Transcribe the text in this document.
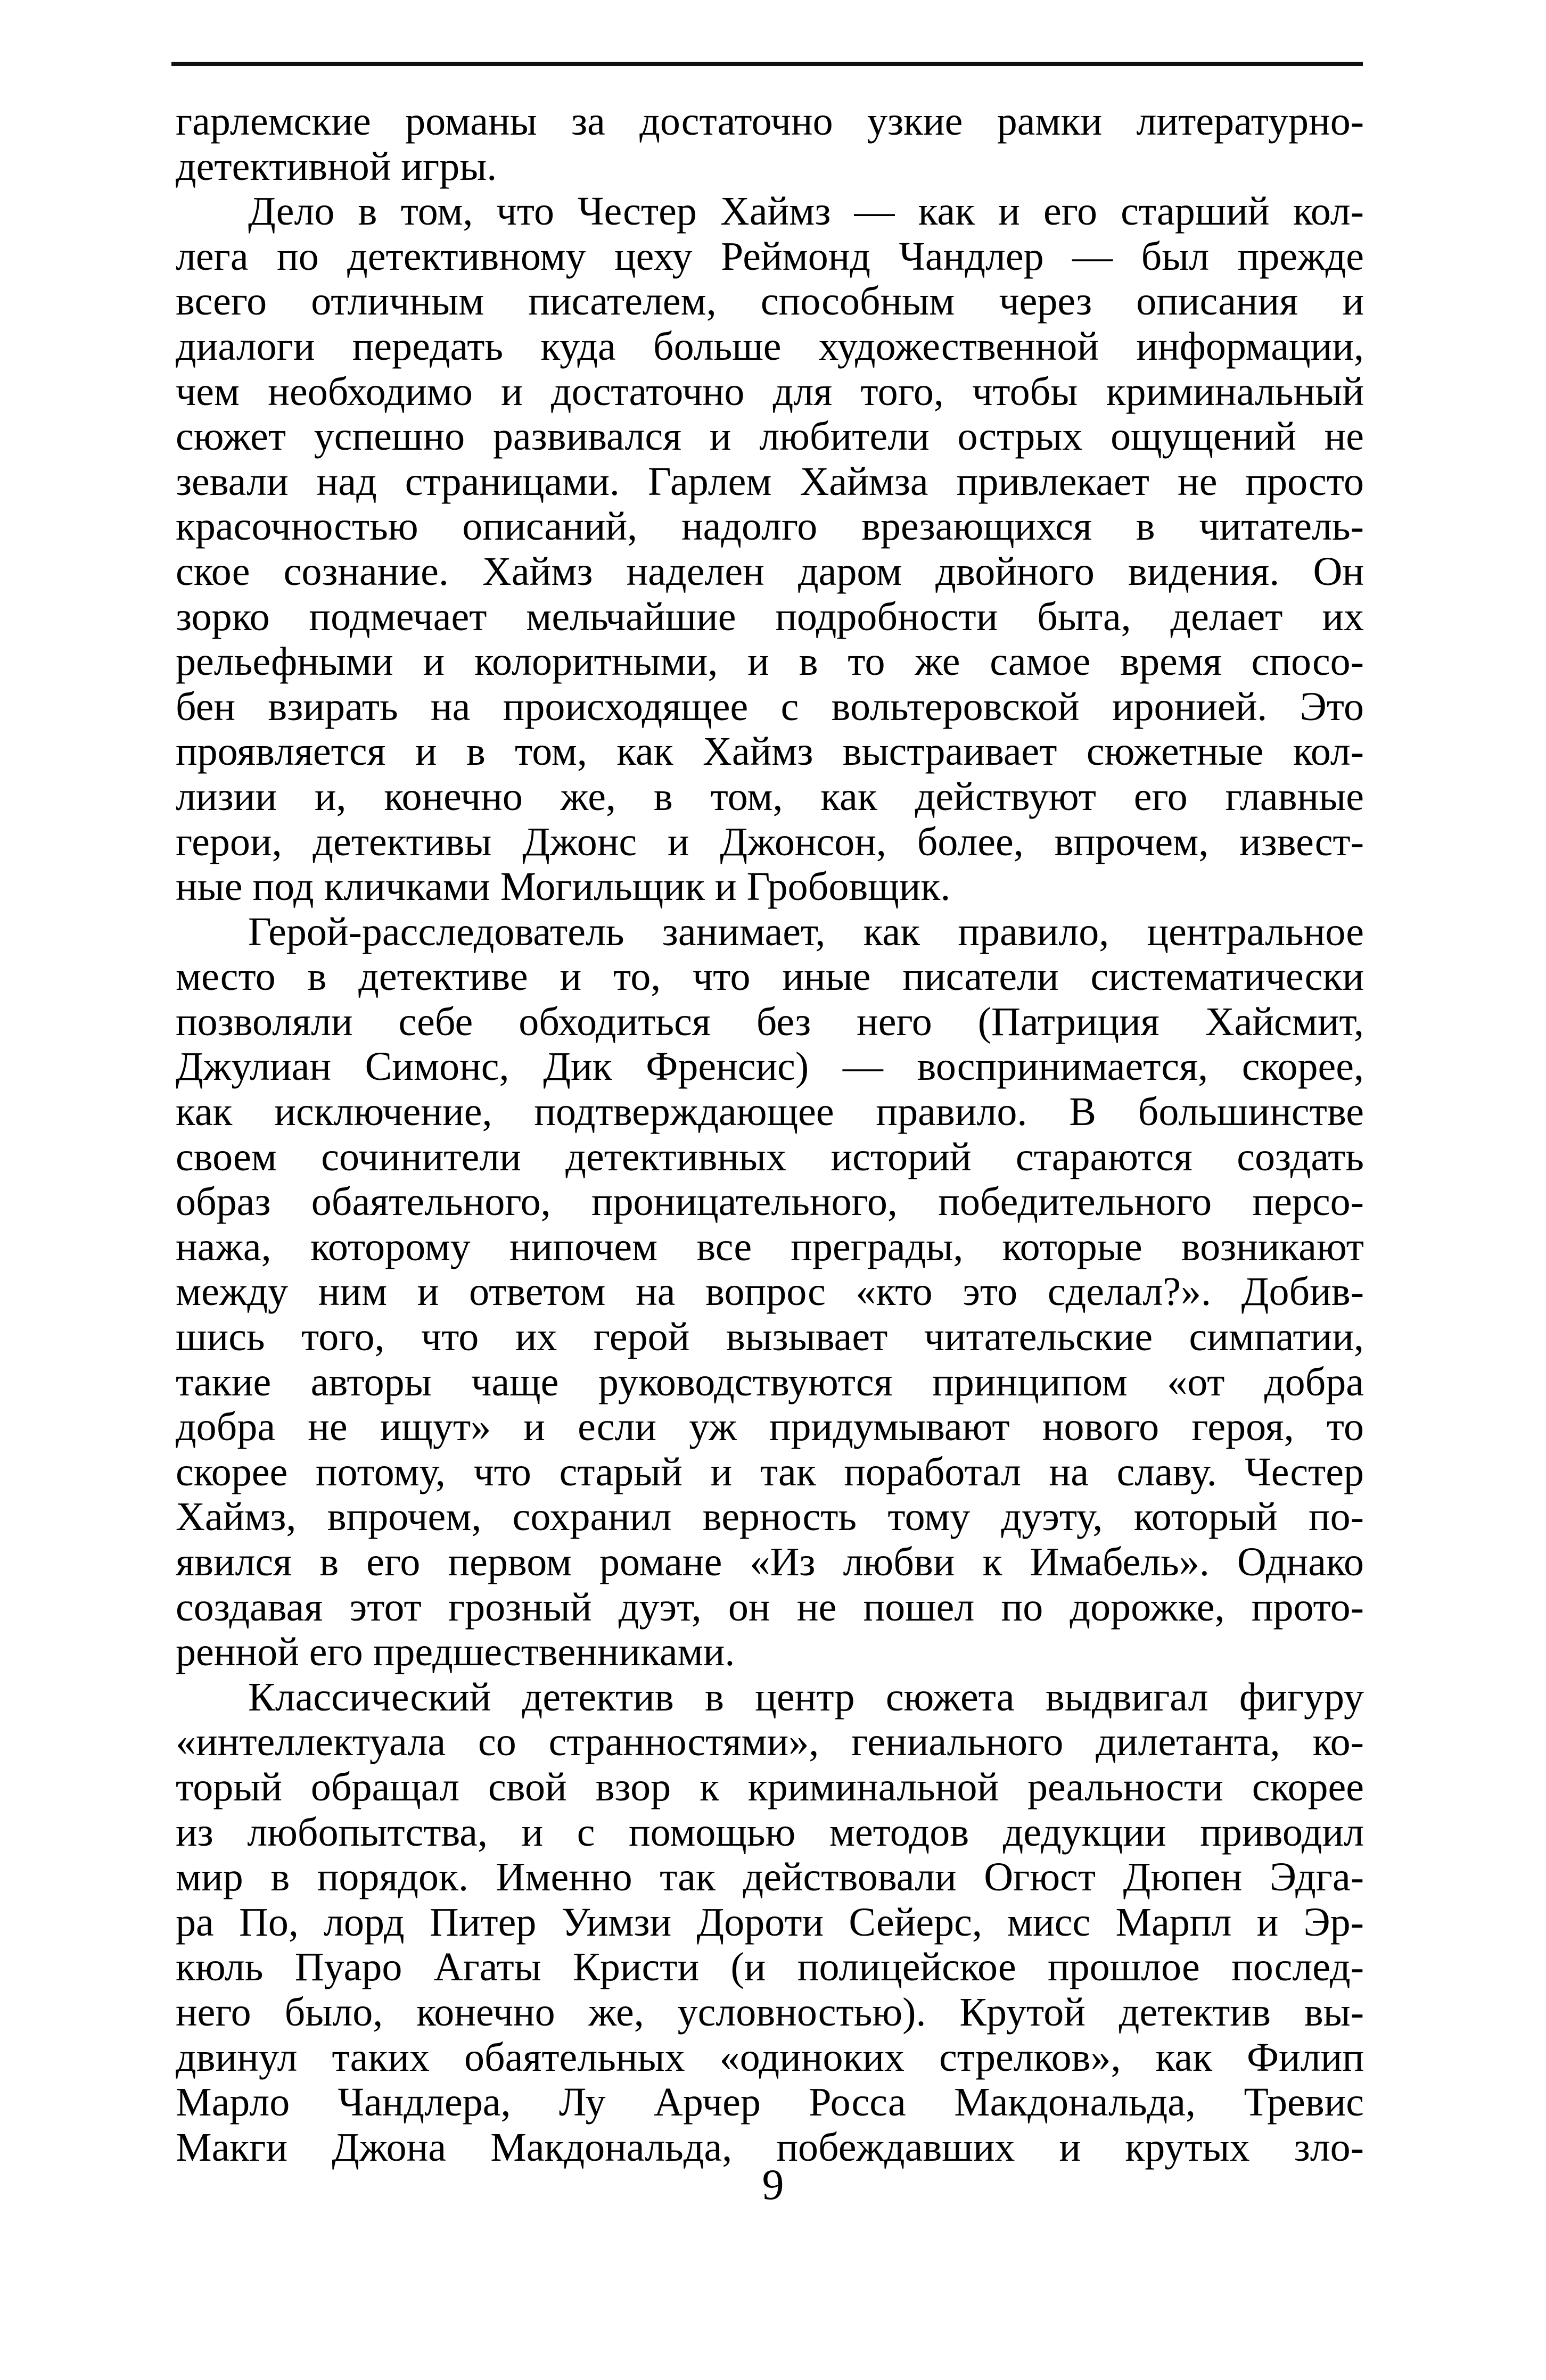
гарлемские романы за достаточно узкие рамки литературно-
детективной игры.
Дело в том, что Честер Хаймз — как и его старший кол-
лега по детективному цеху Реймонд Чандлер — был прежде
всего отличным писателем, способным через описания и
диалоги передать куда больше художественной информации,
чем необходимо и достаточно для того, чтобы криминальный
сюжет успешно развивался и любители острых ощущений не
зевали над страницами. Гарлем Хаймза привлекает не просто
красочностью описаний, надолго врезающихся в читатель-
ское сознание. Хаймз наделен даром двойного видения. Он
зорко подмечает мельчайшие подробности быта, делает их
рельефными и колоритными, и в то же самое время спосо-
бен взирать на происходящее с вольтеровской иронией. Это
проявляется и в том, как Хаймз выстраивает сюжетные кол-
лизии и, конечно же, в том, как действуют его главные
герои, детективы Джонс и Джонсон, более, впрочем, извест-
ные под кличками Могильщик и Гробовщик.
Герой-расследователь занимает, как правило, центральное
место в детективе и то, что иные писатели систематически
позволяли себе обходиться без него (Патриция Хайсмит,
Джулиан Симонс, Дик Френсис) — воспринимается, скорее,
как исключение, подтверждающее правило. В большинстве
своем сочинители детективных историй стараются создать
образ обаятельного, проницательного, победительного персо-
нажа, которому нипочем все преграды, которые возникают
между ним и ответом на вопрос «кто это сделал?». Добив-
шись того, что их герой вызывает читательские симпатии,
такие авторы чаще руководствуются принципом «от добра
добра не ищут» и если уж придумывают нового героя, то
скорее потому, что старый и так поработал на славу. Честер
Хаймз, впрочем, сохранил верность тому дуэту, который по-
явился в его первом романе «Из любви к Имабель». Однако
создавая этот грозный дуэт, он не пошел по дорожке, прото-
ренной его предшественниками.
Классический детектив в центр сюжета выдвигал фигуру
«интеллектуала со странностями», гениального дилетанта, ко-
торый обращал свой взор к криминальной реальности скорее
из любопытства, и с помощью методов дедукции приводил
мир в порядок. Именно так действовали Огюст Дюпен Эдга-
ра По, лорд Питер Уимзи Дороти Сейерс, мисс Марпл и Эр-
кюль Пуаро Агаты Кристи (и полицейское прошлое послед-
него было, конечно же, условностью). Крутой детектив вы-
двинул таких обаятельных «одиноких стрелков», как Филип
Марло Чандлера, Лу Арчер Росса Макдональда, Тревис
Макги Джона Макдональда, побеждавших и крутых зло-
9
